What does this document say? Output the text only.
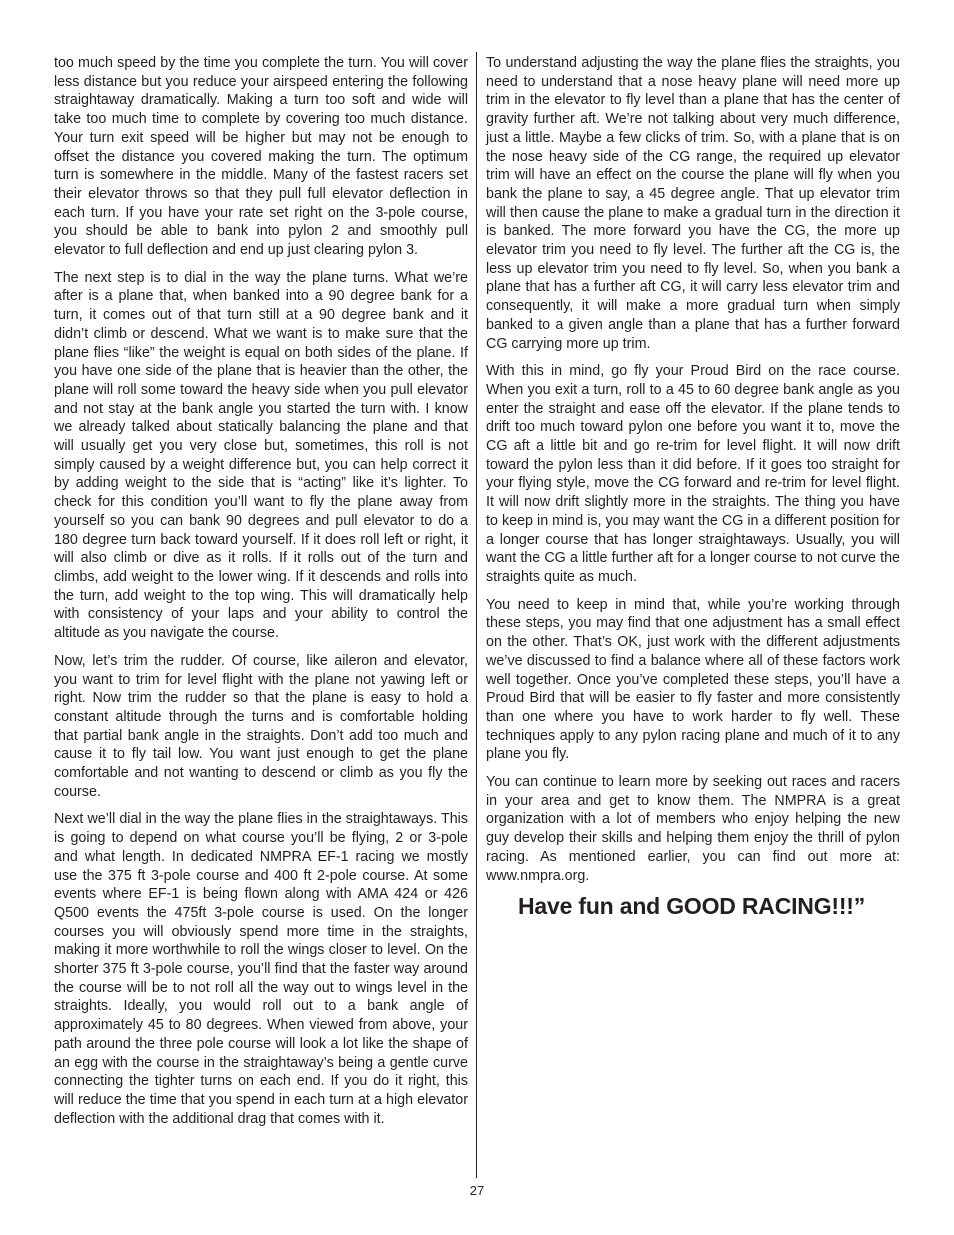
too much speed by the time you complete the turn. You will cover less distance but you reduce your airspeed entering the following straightaway dramatically. Making a turn too soft and wide will take too much time to complete by covering too much distance. Your turn exit speed will be higher but may not be enough to offset the distance you covered making the turn. The optimum turn is somewhere in the middle. Many of the fastest racers set their elevator throws so that they pull full elevator deflection in each turn. If you have your rate set right on the 3-pole course, you should be able to bank into pylon 2 and smoothly pull elevator to full deflection and end up just clearing pylon 3.

The next step is to dial in the way the plane turns. What we’re after is a plane that, when banked into a 90 degree bank for a turn, it comes out of that turn still at a 90 degree bank and it didn’t climb or descend. What we want is to make sure that the plane flies “like” the weight is equal on both sides of the plane. If you have one side of the plane that is heavier than the other, the plane will roll some toward the heavy side when you pull elevator and not stay at the bank angle you started the turn with. I know we already talked about statically balancing the plane and that will usually get you very close but, sometimes, this roll is not simply caused by a weight difference but, you can help correct it by adding weight to the side that is “acting” like it’s lighter. To check for this condition you’ll want to fly the plane away from yourself so you can bank 90 degrees and pull elevator to do a 180 degree turn back toward yourself. If it does roll left or right, it will also climb or dive as it rolls. If it rolls out of the turn and climbs, add weight to the lower wing. If it descends and rolls into the turn, add weight to the top wing. This will dramatically help with consistency of your laps and your ability to control the altitude as you navigate the course.

Now, let’s trim the rudder. Of course, like aileron and elevator, you want to trim for level flight with the plane not yawing left or right. Now trim the rudder so that the plane is easy to hold a constant altitude through the turns and is comfortable holding that partial bank angle in the straights. Don’t add too much and cause it to fly tail low. You want just enough to get the plane comfortable and not wanting to descend or climb as you fly the course.

Next we’ll dial in the way the plane flies in the straightaways. This is going to depend on what course you’ll be flying, 2 or 3-pole and what length. In dedicated NMPRA EF-1 racing we mostly use the 375 ft 3-pole course and 400 ft 2-pole course. At some events where EF-1 is being flown along with AMA 424 or 426 Q500 events the 475ft 3-pole course is used. On the longer courses you will obviously spend more time in the straights, making it more worthwhile to roll the wings closer to level. On the shorter 375 ft 3-pole course, you’ll find that the faster way around the course will be to not roll all the way out to wings level in the straights. Ideally, you would roll out to a bank angle of approximately 45 to 80 degrees. When viewed from above, your path around the three pole course will look a lot like the shape of an egg with the course in the straightaway’s being a gentle curve connecting the tighter turns on each end. If you do it right, this will reduce the time that you spend in each turn at a high elevator deflection with the additional drag that comes with it.

To understand adjusting the way the plane flies the straights, you need to understand that a nose heavy plane will need more up trim in the elevator to fly level than a plane that has the center of gravity further aft. We’re not talking about very much difference, just a little. Maybe a few clicks of trim. So, with a plane that is on the nose heavy side of the CG range, the required up elevator trim will have an effect on the course the plane will fly when you bank the plane to say, a 45 degree angle. That up elevator trim will then cause the plane to make a gradual turn in the direction it is banked. The more forward you have the CG, the more up elevator trim you need to fly level. The further aft the CG is, the less up elevator trim you need to fly level. So, when you bank a plane that has a further aft CG, it will carry less elevator trim and consequently, it will make a more gradual turn when simply banked to a given angle than a plane that has a further forward CG carrying more up trim.

With this in mind, go fly your Proud Bird on the race course. When you exit a turn, roll to a 45 to 60 degree bank angle as you enter the straight and ease off the elevator. If the plane tends to drift too much toward pylon one before you want it to, move the CG aft a little bit and go re-trim for level flight. It will now drift toward the pylon less than it did before. If it goes too straight for your flying style, move the CG forward and re-trim for level flight. It will now drift slightly more in the straights. The thing you have to keep in mind is, you may want the CG in a different position for a longer course that has longer straightaways. Usually, you will want the CG a little further aft for a longer course to not curve the straights quite as much.

You need to keep in mind that, while you’re working through these steps, you may find that one adjustment has a small effect on the other. That’s OK, just work with the different adjustments we’ve discussed to find a balance where all of these factors work well together. Once you’ve completed these steps, you’ll have a Proud Bird that will be easier to fly faster and more consistently than one where you have to work harder to fly well. These techniques apply to any pylon racing plane and much of it to any plane you fly.

You can continue to learn more by seeking out races and racers in your area and get to know them. The NMPRA is a great organization with a lot of members who enjoy helping the new guy develop their skills and helping them enjoy the thrill of pylon racing. As mentioned earlier, you can find out more at: www.nmpra.org.

Have fun and GOOD RACING!!!”
27
